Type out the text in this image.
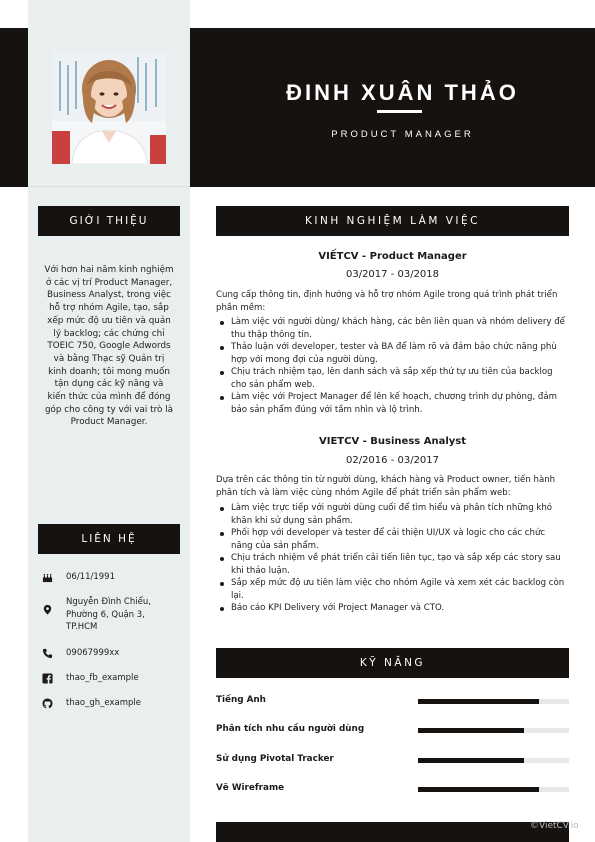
ĐINH XUÂN THẢO
PRODUCT MANAGER
GIỚI THIỆU
Với hơn hai năm kinh nghiệm ở các vị trí Product Manager, Business Analyst, trong việc hỗ trợ nhóm Agile, tạo, sắp xếp mức độ ưu tiên và quản lý backlog; các chứng chỉ TOEIC 750, Google Adwords và bằng Thạc sỹ Quản trị kinh doanh; tôi mong muốn tận dụng các kỹ năng và kiến thức của mình để đóng góp cho công ty với vai trò là Product Manager.
LIÊN HỆ
06/11/1991
Nguyễn Đình Chiểu, Phường 6, Quận 3, TP.HCM
09067999xx
thao_fb_example
thao_gh_example
KINH NGHIỆM LÀM VIỆC
VIẾTCV - Product Manager
03/2017 - 03/2018
Cung cấp thông tin, định hướng và hỗ trợ nhóm Agile trong quá trình phát triển phần mềm:
Làm việc với người dùng/ khách hàng, các bên liên quan và nhóm delivery để thu thập thông tin.
Thảo luận với developer, tester và BA để làm rõ và đảm bảo chức năng phù hợp với mong đợi của người dùng.
Chịu trách nhiệm tạo, lên danh sách và sắp xếp thứ tự ưu tiên của backlog cho sản phẩm web.
Làm việc với Project Manager để lên kế hoạch, chương trình dự phòng, đảm bảo sản phẩm đúng với tầm nhìn và lộ trình.
VIETCV - Business Analyst
02/2016 - 03/2017
Dựa trên các thông tin từ người dùng, khách hàng và Product owner, tiến hành phân tích và làm việc cùng nhóm Agile để phát triển sản phẩm web:
Làm việc trực tiếp với người dùng cuối để tìm hiểu và phân tích những khó khăn khi sử dụng sản phẩm.
Phối hợp với developer và tester để cải thiện UI/UX và logic cho các chức năng của sản phẩm.
Chịu trách nhiệm về phát triển cải tiến liên tục, tạo và sắp xếp các story sau khi thảo luận.
Sắp xếp mức độ ưu tiên làm việc cho nhóm Agile và xem xét các backlog còn lại.
Báo cáo KPI Delivery với Project Manager và CTO.
KỸ NĂNG
Tiếng Anh
Phân tích nhu cầu người dùng
Sử dụng Pivotal Tracker
Vẽ Wireframe
©VietCV.io
